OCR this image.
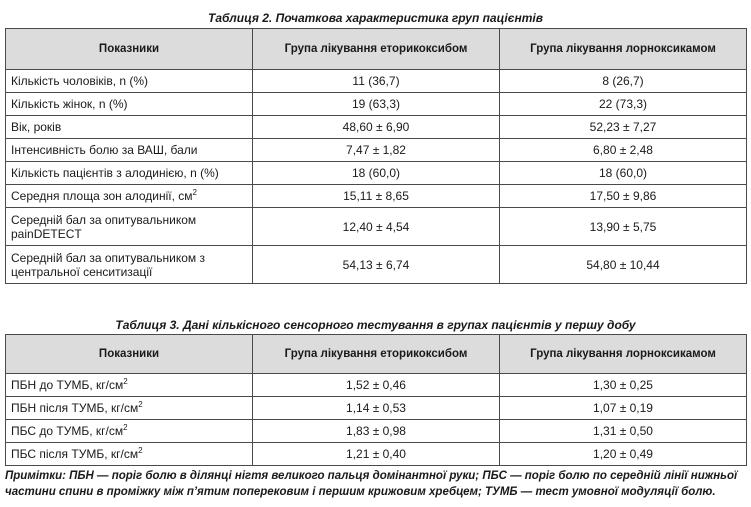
Таблиця 2. Початкова характеристика груп пацієнтів
Показники	Група лікування еторикоксибом	Група лікування лорноксикамом
Кількість чоловіків, n (%)	11 (36,7)	8 (26,7)
Кількість жінок, n (%)	19 (63,3)	22 (73,3)
Вік, років	48,60 ± 6,90	52,23 ± 7,27
Інтенсивність болю за ВАШ, бали	7,47 ± 1,82	6,80 ± 2,48
Кількість пацієнтів з алодинією, n (%)	18 (60,0)	18 (60,0)
Середня площа зон алодинії, $см^2$	15,11 ± 8,65	17,50 ± 9,86
Середній бал за опитувальником painDETECT	12,40 ± 4,54	13,90 ± 5,75
Середній бал за опитувальником з центральної сенситизації	54,13 ± 6,74	54,80 ± 10,44
Таблиця 3. Дані кількісного сенсорного тестування в групах пацієнтів у першу добу
Показники	Група лікування еторикоксибом	Група лікування лорноксикамом
ПБН до ТУМБ, $кг/см^2$	1,52 ± 0,46	1,30 ± 0,25
ПБН після ТУМБ, $кг/см^2$	1,14 ± 0,53	1,07 ± 0,19
ПБС до ТУМБ, $кг/см^2$	1,83 ± 0,98	1,31 ± 0,50
ПБС після ТУМБ, $кг/см^2$	1,21 ± 0,40	1,20 ± 0,49
Примітки: ПБН — поріг болю в ділянці нігтя великого пальця домінантної руки; ПБС — поріг болю по середній лінії нижньої частини спини в проміжку між п’ятим поперековим і першим крижовим хребцем; ТУМБ — тест умовної модуляції болю.
